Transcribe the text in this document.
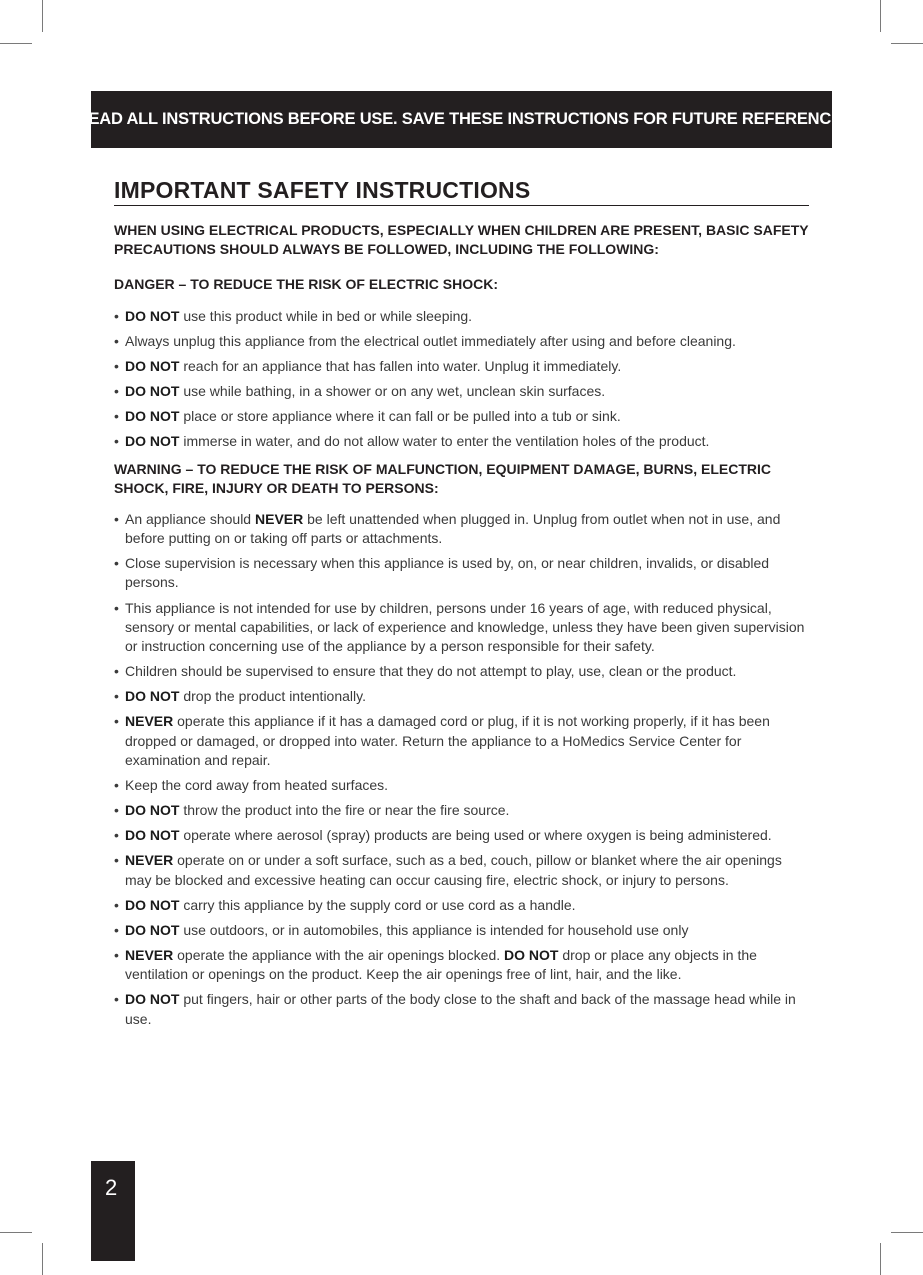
READ ALL INSTRUCTIONS BEFORE USE. SAVE THESE INSTRUCTIONS FOR FUTURE REFERENCE.
IMPORTANT SAFETY INSTRUCTIONS
WHEN USING ELECTRICAL PRODUCTS, ESPECIALLY WHEN CHILDREN ARE PRESENT, BASIC SAFETY PRECAUTIONS SHOULD ALWAYS BE FOLLOWED, INCLUDING THE FOLLOWING:
DANGER – TO REDUCE THE RISK OF ELECTRIC SHOCK:
• DO NOT use this product while in bed or while sleeping.
• Always unplug this appliance from the electrical outlet immediately after using and before cleaning.
• DO NOT reach for an appliance that has fallen into water. Unplug it immediately.
• DO NOT use while bathing, in a shower or on any wet, unclean skin surfaces.
• DO NOT place or store appliance where it can fall or be pulled into a tub or sink.
• DO NOT immerse in water, and do not allow water to enter the ventilation holes of the product.
WARNING – TO REDUCE THE RISK OF MALFUNCTION, EQUIPMENT DAMAGE, BURNS, ELECTRIC SHOCK, FIRE, INJURY OR DEATH TO PERSONS:
• An appliance should NEVER be left unattended when plugged in. Unplug from outlet when not in use, and before putting on or taking off parts or attachments.
• Close supervision is necessary when this appliance is used by, on, or near children, invalids, or disabled persons.
• This appliance is not intended for use by children, persons under 16 years of age, with reduced physical, sensory or mental capabilities, or lack of experience and knowledge, unless they have been given supervision or instruction concerning use of the appliance by a person responsible for their safety.
• Children should be supervised to ensure that they do not attempt to play, use, clean or the product.
• DO NOT drop the product intentionally.
• NEVER operate this appliance if it has a damaged cord or plug, if it is not working properly, if it has been dropped or damaged, or dropped into water. Return the appliance to a HoMedics Service Center for examination and repair.
• Keep the cord away from heated surfaces.
• DO NOT throw the product into the fire or near the fire source.
• DO NOT operate where aerosol (spray) products are being used or where oxygen is being administered.
• NEVER operate on or under a soft surface, such as a bed, couch, pillow or blanket where the air openings may be blocked and excessive heating can occur causing fire, electric shock, or injury to persons.
• DO NOT carry this appliance by the supply cord or use cord as a handle.
• DO NOT use outdoors, or in automobiles, this appliance is intended for household use only
• NEVER operate the appliance with the air openings blocked. DO NOT drop or place any objects in the ventilation or openings on the product. Keep the air openings free of lint, hair, and the like.
• DO NOT put fingers, hair or other parts of the body close to the shaft and back of the massage head while in use.
2
